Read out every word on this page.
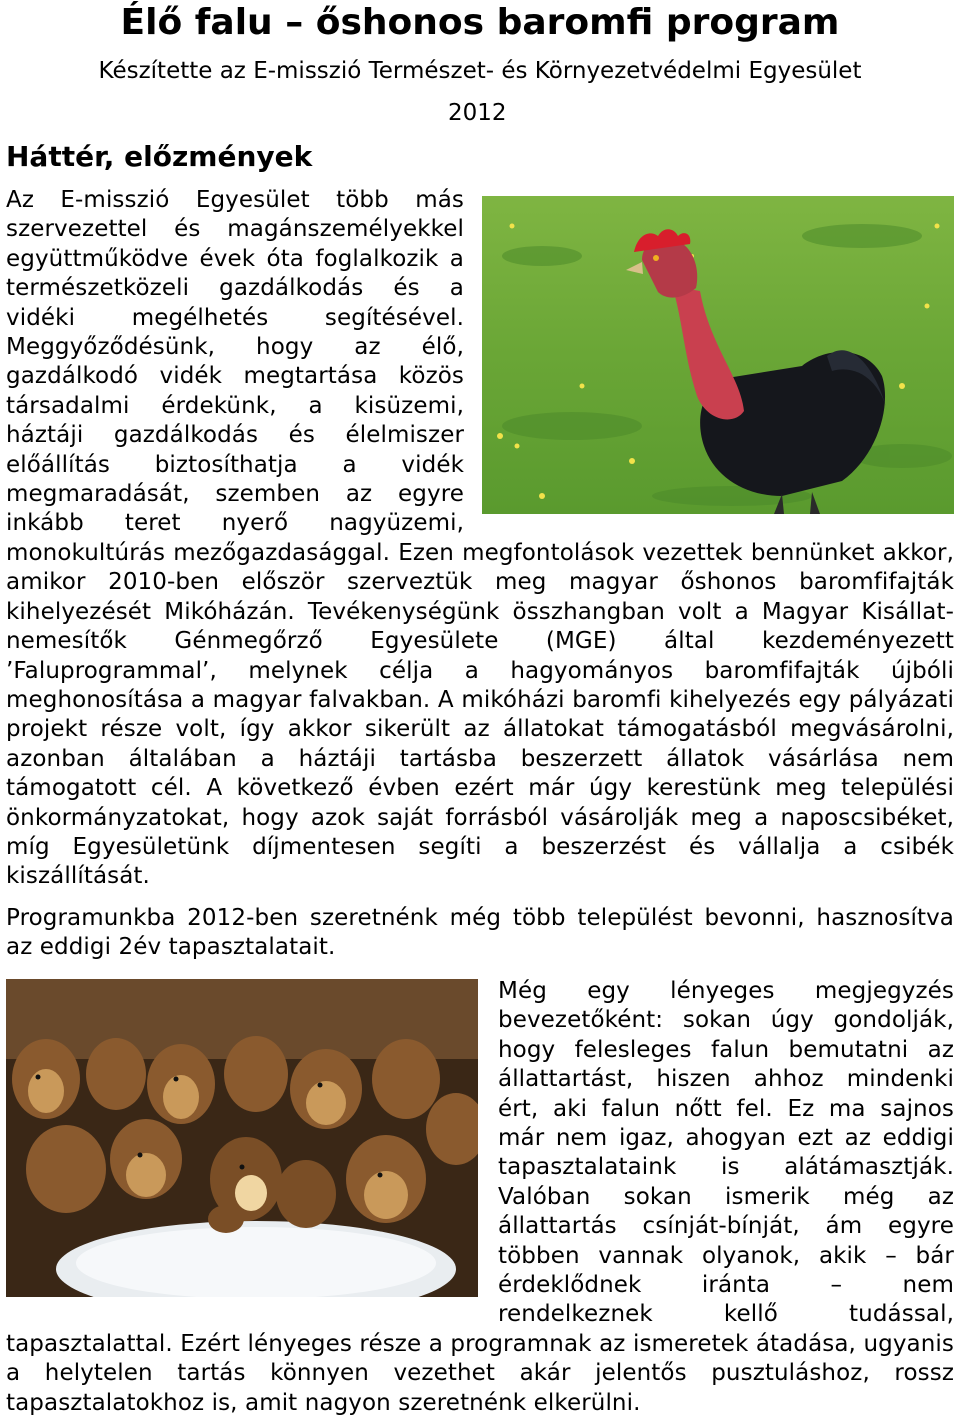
Élő falu – őshonos baromfi program
Készítette az E-misszió Természet- és Környezetvédelmi Egyesület
2012
Háttér, előzmények
Az E-misszió Egyesület több más szervezettel és magánszemélyekkel együttműködve évek óta foglalkozik a természetközeli gazdálkodás és a vidéki megélhetés segítésével. Meggyőződésünk, hogy az élő, gazdálkodó vidék megtartása közös társadalmi érdekünk, a kisüzemi, háztáji gazdálkodás és élelmiszer előállítás biztosíthatja a vidék megmaradását, szemben az egyre inkább teret nyerő nagyüzemi, monokultúrás mezőgazdasággal. Ezen megfontolások vezettek bennünket akkor, amikor 2010-ben először szerveztük meg magyar őshonos baromfifajták kihelyezését Mikóházán. Tevékenységünk összhangban volt a Magyar Kisállat-nemesítők Génmegőrző Egyesülete (MGE) által kezdeményezett ’Faluprogrammal’, melynek célja a hagyományos baromfifajták újbóli meghonosítása a magyar falvakban. A mikóházi baromfi kihelyezés egy pályázati projekt része volt, így akkor sikerült az állatokat támogatásból megvásárolni, azonban általában a háztáji tartásba beszerzett állatok vásárlása nem támogatott cél. A következő évben ezért már úgy kerestünk meg települési önkormányzatokat, hogy azok saját forrásból vásárolják meg a naposcsibéket, míg Egyesületünk díjmentesen segíti a beszerzést és vállalja a csibék kiszállítását.
Programunkba 2012-ben szeretnénk még több települést bevonni, hasznosítva az eddigi 2év tapasztalatait.
Még egy lényeges megjegyzés bevezetőként: sokan úgy gondolják, hogy felesleges falun bemutatni az állattartást, hiszen ahhoz mindenki ért, aki falun nőtt fel. Ez ma sajnos már nem igaz, ahogyan ezt az eddigi tapasztalataink is alátámasztják. Valóban sokan ismerik még az állattartás csínját-bínját, ám egyre többen vannak olyanok, akik – bár érdeklődnek iránta – nem rendelkeznek kellő tudással, tapasztalattal. Ezért lényeges része a programnak az ismeretek átadása, ugyanis a helytelen tartás könnyen vezethet akár jelentős pusztuláshoz, rossz tapasztalatokhoz is, amit nagyon szeretnénk elkerülni.
